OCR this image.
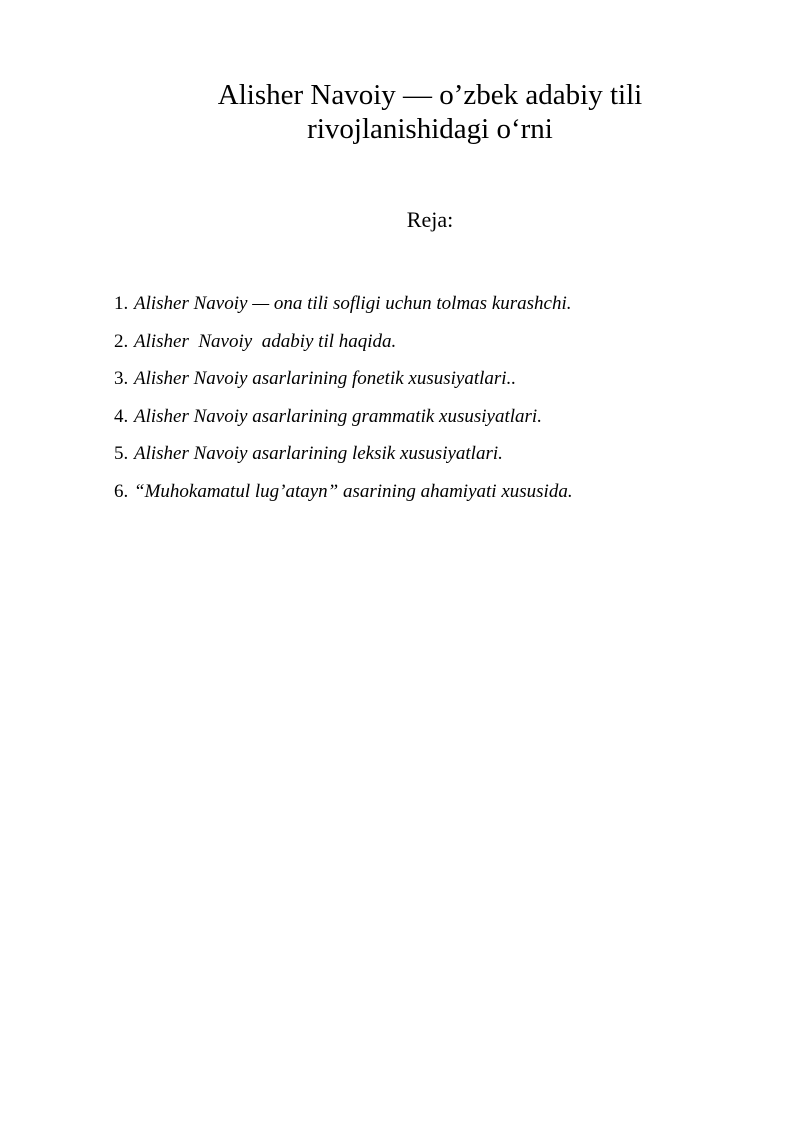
Alisher Navoiy — o’zbek adabiy tili
rivojlanishidagi o‘rni

Reja:

1. Alisher Navoiy — ona tili sofligi uchun tolmas kurashchi.
2. Alisher  Navoiy  adabiy til haqida.
3. Alisher Navoiy asarlarining fonetik xususiyatlari..
4. Alisher Navoiy asarlarining grammatik xususiyatlari.
5. Alisher Navoiy asarlarining leksik xususiyatlari.
6. “Muhokamatul lug’atayn” asarining ahamiyati xususida.
